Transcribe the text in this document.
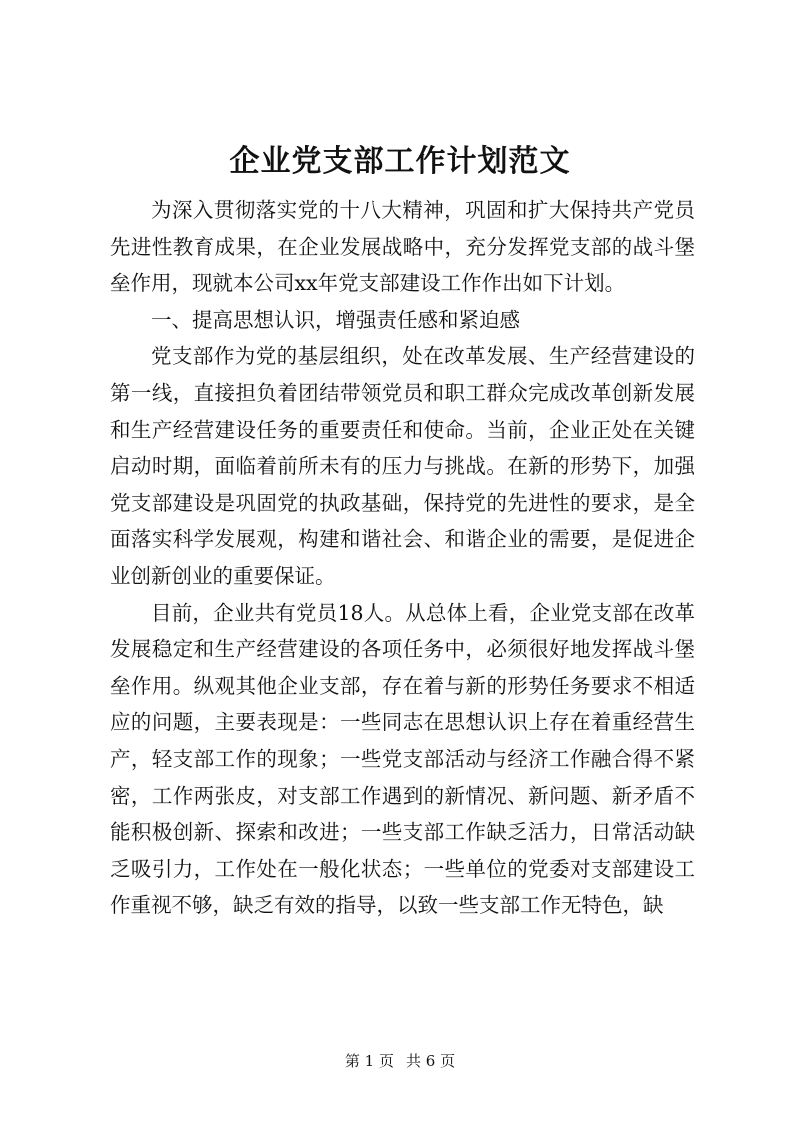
企业党支部工作计划范文

为深入贯彻落实党的十八大精神，巩固和扩大保持共产党员先进性教育成果，在企业发展战略中，充分发挥党支部的战斗堡垒作用，现就本公司xx年党支部建设工作作出如下计划。

一、提高思想认识，增强责任感和紧迫感

党支部作为党的基层组织，处在改革发展、生产经营建设的第一线，直接担负着团结带领党员和职工群众完成改革创新发展和生产经营建设任务的重要责任和使命。当前，企业正处在关键启动时期，面临着前所未有的压力与挑战。在新的形势下，加强党支部建设是巩固党的执政基础，保持党的先进性的要求，是全面落实科学发展观，构建和谐社会、和谐企业的需要，是促进企业创新创业的重要保证。

目前，企业共有党员18人。从总体上看，企业党支部在改革发展稳定和生产经营建设的各项任务中，必须很好地发挥战斗堡垒作用。纵观其他企业支部，存在着与新的形势任务要求不相适应的问题，主要表现是：一些同志在思想认识上存在着重经营生产，轻支部工作的现象；一些党支部活动与经济工作融合得不紧密，工作两张皮，对支部工作遇到的新情况、新问题、新矛盾不能积极创新、探索和改进；一些支部工作缺乏活力，日常活动缺乏吸引力，工作处在一般化状态；一些单位的党委对支部建设工作重视不够，缺乏有效的指导，以致一些支部工作无特色，缺

第 1 页 共 6 页
